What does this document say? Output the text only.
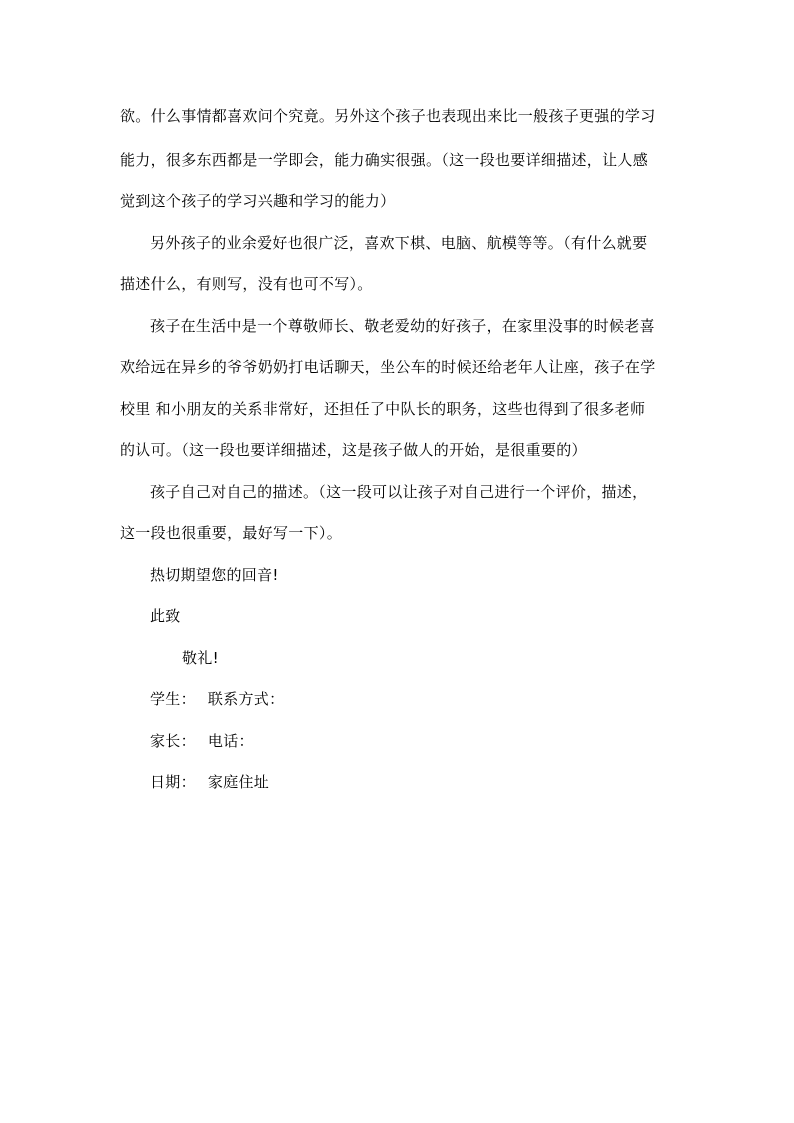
欲。什么事情都喜欢问个究竟。另外这个孩子也表现出来比一般孩子更强的学习
能力，很多东西都是一学即会，能力确实很强。（这一段也要详细描述，让人感
觉到这个孩子的学习兴趣和学习的能力）
另外孩子的业余爱好也很广泛，喜欢下棋、电脑、航模等等。（有什么就要
描述什么，有则写，没有也可不写）。
孩子在生活中是一个尊敬师长、敬老爱幼的好孩子，在家里没事的时候老喜
欢给远在异乡的爷爷奶奶打电话聊天，坐公车的时候还给老年人让座，孩子在学
校里 和小朋友的关系非常好，还担任了中队长的职务，这些也得到了很多老师
的认可。（这一段也要详细描述，这是孩子做人的开始，是很重要的）
孩子自己对自己的描述。（这一段可以让孩子对自己进行一个评价，描述，
这一段也很重要，最好写一下）。
热切期望您的回音!
此致
敬礼!
学生： 联系方式：
家长： 电话：
日期： 家庭住址
